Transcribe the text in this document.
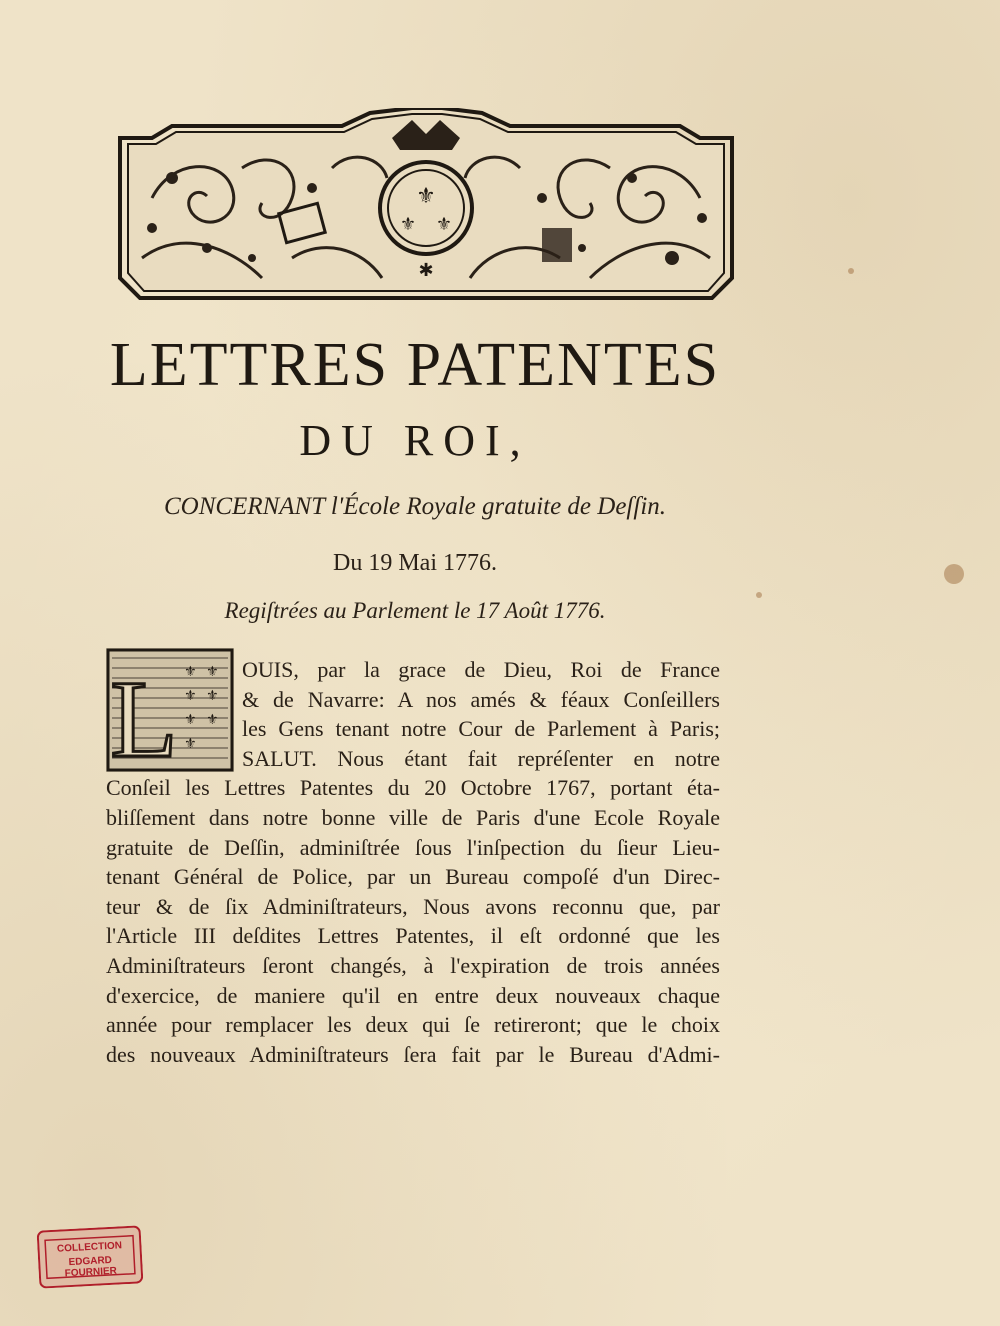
⚜
⚜ ⚜
✱
LETTRES PATENTES
DU ROI,
CONCERNANT l'École Royale gratuite de Deſſin.
Du 19 Mai 1776.
Regiſtrées au Parlement le 17 Août 1776.
⚜ ⚜
⚜ ⚜
⚜ ⚜
⚜
L	OUIS, par la grace de Dieu, Roi de France
& de Navarre: A nos amés & féaux Conſeillers
les Gens tenant notre Cour de Parlement à Paris;
SALUT. Nous étant fait repréſenter en notre
Conſeil les Lettres Patentes du 20 Octobre 1767, portant éta-
bliſſement dans notre bonne ville de Paris d'une Ecole Royale
gratuite de Deſſin, adminiſtrée ſous l'inſpection du ſieur Lieu-
tenant Général de Police, par un Bureau compoſé d'un Direc-
teur & de ſix Adminiſtrateurs, Nous avons reconnu que, par
l'Article III deſdites Lettres Patentes, il eſt ordonné que les
Adminiſtrateurs ſeront changés, à l'expiration de trois années
d'exercice, de maniere qu'il en entre deux nouveaux chaque
année pour remplacer les deux qui ſe retireront; que le choix
des nouveaux Adminiſtrateurs ſera fait par le Bureau d'Admi-
COLLECTION
EDGARD FOURNIER
